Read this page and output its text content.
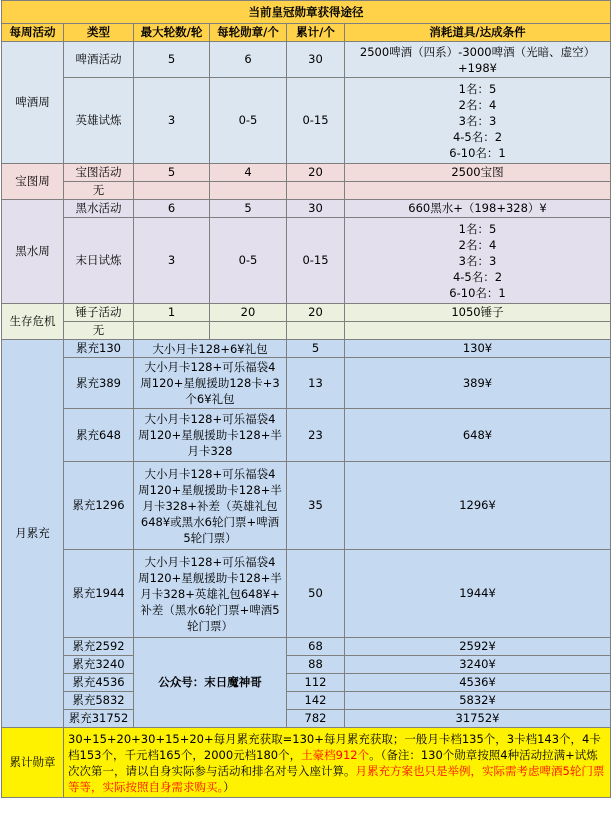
当前皇冠勋章获得途径					
每周活动	类型	最大轮数/轮	每轮勋章/个	累计/个	消耗道具/达成条件
啤酒周	啤酒活动	5	6	30	2500啤酒（四系）-3000啤酒（光暗、虚空）
+198¥

	英雄试炼	3	0-5	0-15	1名：5
2名：4
3名：3
4-5名：2
6-10名：1

宝图周	宝图活动	5	4	20	2500宝图
	无				
黑水周	黑水活动	6	5	30	660黑水+（198+328）¥
	末日试炼	3	0-5	0-15	1名：5
2名：4
3名：3
4-5名：2
6-10名：1

生存危机	锤子活动	1	20	20	1050锤子
	无				
月累充	累充130	大小月卡128+6¥礼包		5	130¥
	累充389	大小月卡128+可乐福袋4
周120+星舰援助128卡+3
个6¥礼包		13	389¥
	累充648	大小月卡128+可乐福袋4
周120+星舰援助卡128+半
月卡328		23	648¥
	累充1296	大小月卡128+可乐福袋4
周120+星舰援助卡128+半
月卡328+补差（英雄礼包
648¥或黑水6轮门票+啤酒
5轮门票）		35	1296¥
	累充1944	大小月卡128+可乐福袋4
周120+星舰援助卡128+半
月卡328+英雄礼包648¥+
补差（黑水6轮门票+啤酒5
轮门票）		50	1944¥
	累充2592	公众号：末日魔神哥		68	2592¥
	累充3240			88	3240¥
	累充4536			112	4536¥
	累充5832			142	5832¥
	累充31752			782	31752¥
累计勋章	30+15+20+30+15+20+每月累充获取=130+每月累充获取；一般月卡档135个，3卡档143个，4卡档153个，千元档165个，2000元档180个，土豪档912个。（备注：130个勋章按照4种活动拉满+试炼次次第一，请以自身实际参与活动和排名对号入座计算。月累充方案也只是举例，实际需考虑啤酒5轮门票等等，实际按照自身需求购买。）				
